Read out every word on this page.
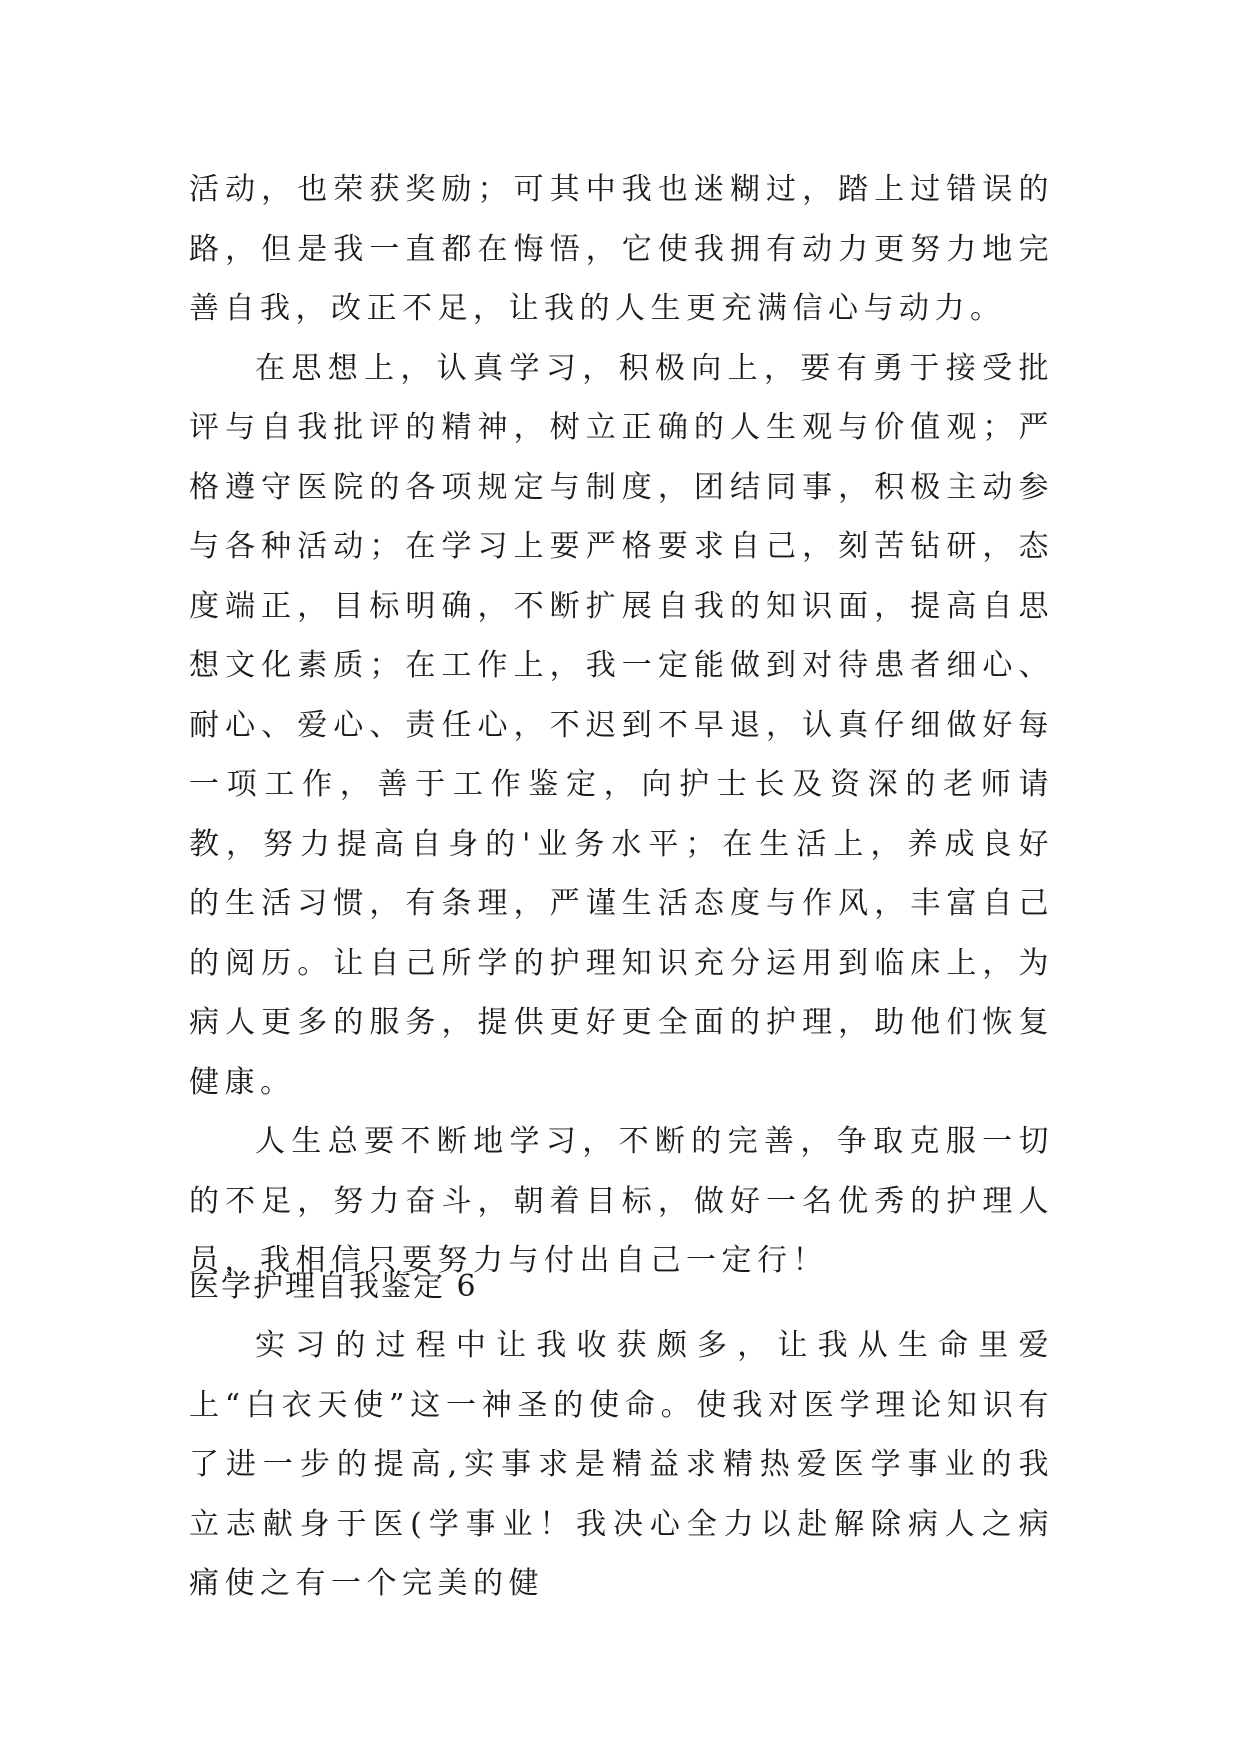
活动，也荣获奖励；可其中我也迷糊过，踏上过错误的路，但是我一直都在悔悟，它使我拥有动力更努力地完善自我，改正不足，让我的人生更充满信心与动力。

在思想上，认真学习，积极向上，要有勇于接受批评与自我批评的精神，树立正确的人生观与价值观；严格遵守医院的各项规定与制度，团结同事，积极主动参与各种活动；在学习上要严格要求自己，刻苦钻研，态度端正，目标明确，不断扩展自我的知识面，提高自思想文化素质；在工作上，我一定能做到对待患者细心、耐心、爱心、责任心，不迟到不早退，认真仔细做好每一项工作，善于工作鉴定，向护士长及资深的老师请教，努力提高自身的'业务水平；在生活上，养成良好的生活习惯，有条理，严谨生活态度与作风，丰富自己的阅历。让自己所学的护理知识充分运用到临床上，为病人更多的服务，提供更好更全面的护理，助他们恢复健康。

人生总要不断地学习，不断的完善，争取克服一切的不足，努力奋斗，朝着目标，做好一名优秀的护理人员，我相信只要努力与付出自己一定行！

医学护理自我鉴定 6

实习的过程中让我收获颇多，让我从生命里爱上“白衣天使”这一神圣的使命。使我对医学理论知识有了进一步的提高,实事求是精益求精热爱医学事业的我立志献身于医(学事业！我决心全力以赴解除病人之病痛使之有一个完美的健
